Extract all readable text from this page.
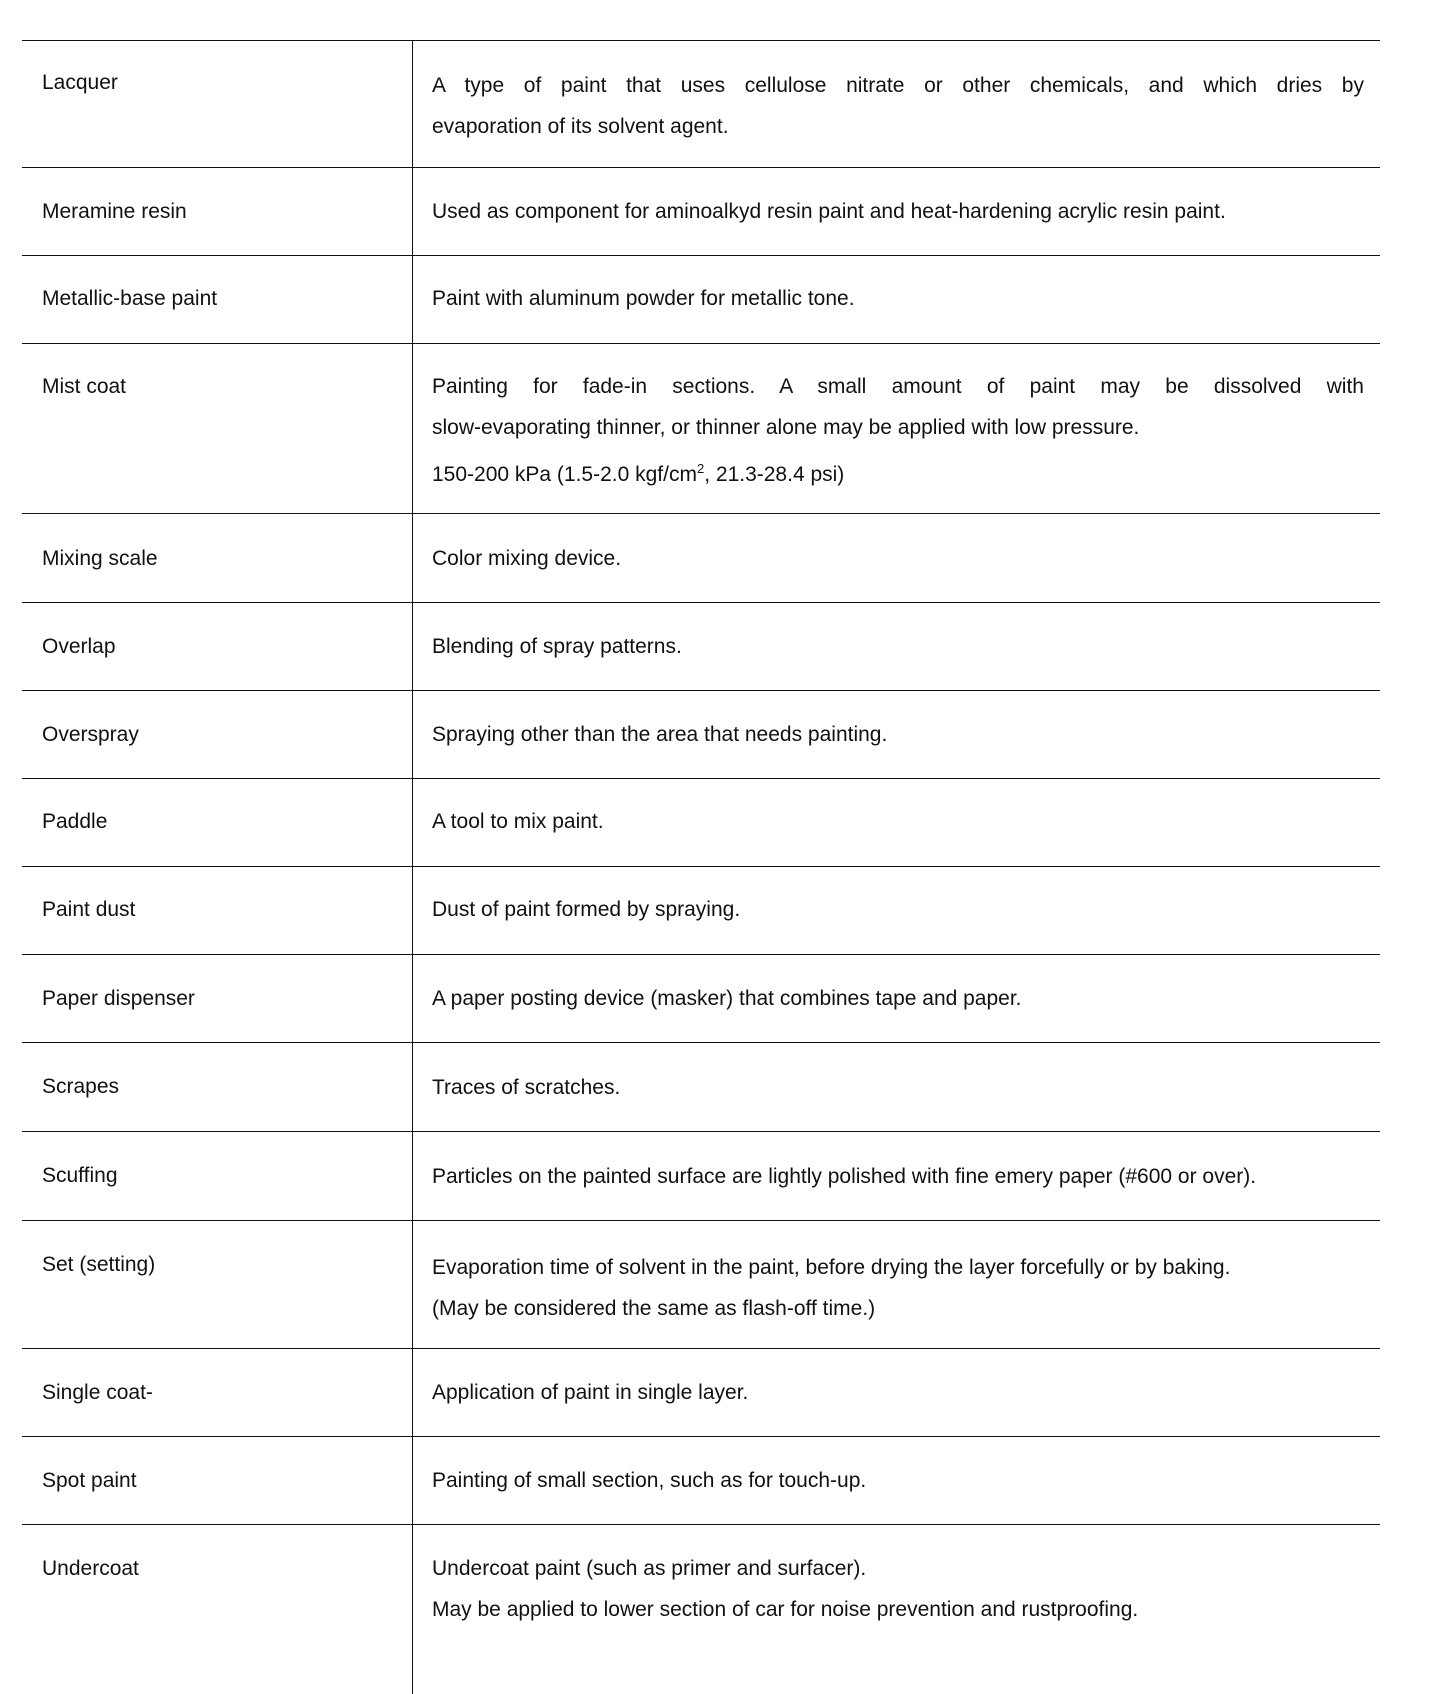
Lacquer	A type of paint that uses cellulose nitrate or other chemicals, and which dries by
evaporation of its solvent agent.
Meramine resin	Used as component for aminoalkyd resin paint and heat-hardening acrylic resin paint.
Metallic-base paint	Paint with aluminum powder for metallic tone.
Mist coat	Painting for fade-in sections. A small amount of paint may be dissolved with
slow-evaporating thinner, or thinner alone may be applied with low pressure.
150-200 kPa (1.5-2.0 kgf/$cm^2$, 21.3-28.4 psi)
Mixing scale	Color mixing device.
Overlap	Blending of spray patterns.
Overspray	Spraying other than the area that needs painting.
Paddle	A tool to mix paint.
Paint dust	Dust of paint formed by spraying.
Paper dispenser	A paper posting device (masker) that combines tape and paper.
Scrapes	Traces of scratches.
Scuffing	Particles on the painted surface are lightly polished with fine emery paper (#600 or over).
Set (setting)	Evaporation time of solvent in the paint, before drying the layer forcefully or by baking.
(May be considered the same as flash-off time.)
Single coat-	Application of paint in single layer.
Spot paint	Painting of small section, such as for touch-up.
Undercoat	Undercoat paint (such as primer and surfacer).
May be applied to lower section of car for noise prevention and rustproofing.
